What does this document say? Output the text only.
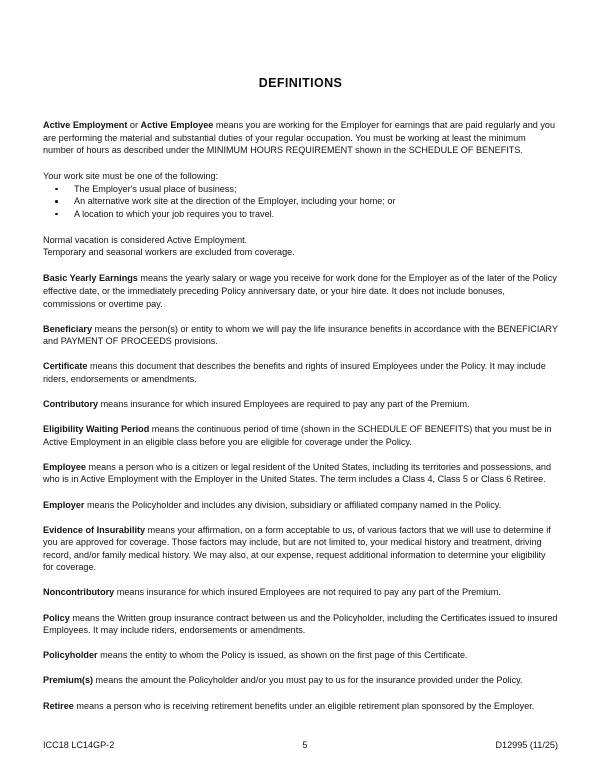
DEFINITIONS

Active Employment or Active Employee means you are working for the Employer for earnings that are paid regularly and you are performing the material and substantial duties of your regular occupation. You must be working at least the minimum number of hours as described under the MINIMUM HOURS REQUIREMENT shown in the SCHEDULE OF BENEFITS.

Your work site must be one of the following:

The Employer's usual place of business;
An alternative work site at the direction of the Employer, including your home; or
A location to which your job requires you to travel.

Normal vacation is considered Active Employment.

Temporary and seasonal workers are excluded from coverage.

Basic Yearly Earnings means the yearly salary or wage you receive for work done for the Employer as of the later of the Policy effective date, or the immediately preceding Policy anniversary date, or your hire date. It does not include bonuses, commissions or overtime pay.

Beneficiary means the person(s) or entity to whom we will pay the life insurance benefits in accordance with the BENEFICIARY and PAYMENT OF PROCEEDS provisions.

Certificate means this document that describes the benefits and rights of insured Employees under the Policy. It may include riders, endorsements or amendments.

Contributory means insurance for which insured Employees are required to pay any part of the Premium.

Eligibility Waiting Period means the continuous period of time (shown in the SCHEDULE OF BENEFITS) that you must be in Active Employment in an eligible class before you are eligible for coverage under the Policy.

Employee means a person who is a citizen or legal resident of the United States, including its territories and possessions, and who is in Active Employment with the Employer in the United States. The term includes a Class 4, Class 5 or Class 6 Retiree.

Employer means the Policyholder and includes any division, subsidiary or affiliated company named in the Policy.

Evidence of Insurability means your affirmation, on a form acceptable to us, of various factors that we will use to determine if you are approved for coverage. Those factors may include, but are not limited to, your medical history and treatment, driving record, and/or family medical history. We may also, at our expense, request additional information to determine your eligibility for coverage.

Noncontributory means insurance for which insured Employees are not required to pay any part of the Premium.

Policy means the Written group insurance contract between us and the Policyholder, including the Certificates issued to insured Employees. It may include riders, endorsements or amendments.

Policyholder means the entity to whom the Policy is issued, as shown on the first page of this Certificate.

Premium(s) means the amount the Policyholder and/or you must pay to us for the insurance provided under the Policy.

Retiree means a person who is receiving retirement benefits under an eligible retirement plan sponsored by the Employer.

ICC18 LC14GP-2	5	D12995 (11/25)
